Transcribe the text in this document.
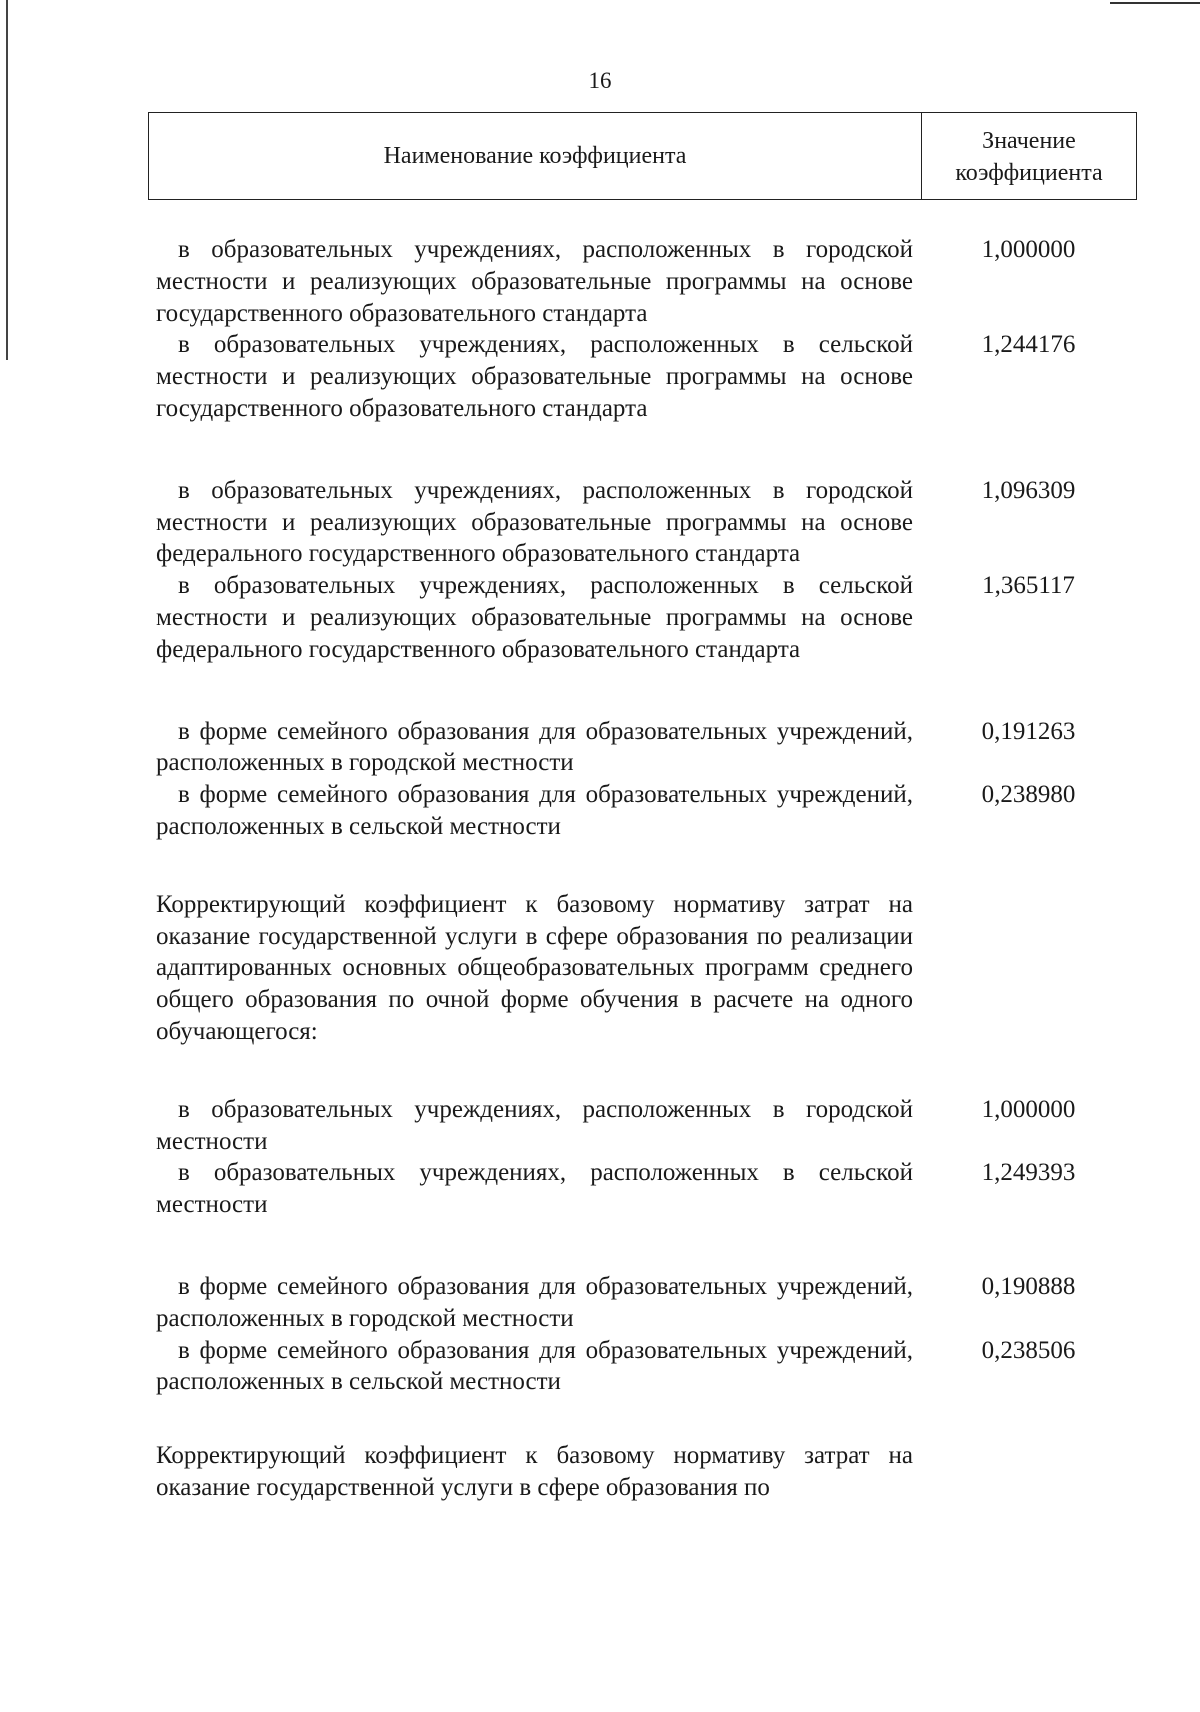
16
Наименование коэффициента
Значение
коэффициента

в образовательных учреждениях, расположенных в городской местности и реализующих образовательные программы на основе государственного образовательного стандарта

1,000000

в образовательных учреждениях, расположенных в сельской местности и реализующих образовательные программы на основе государственного образовательного стандарта

1,244176

в образовательных учреждениях, расположенных в городской местности и реализующих образовательные программы на основе федерального государственного образовательного стандарта

1,096309

в образовательных учреждениях, расположенных в сельской местности и реализующих образовательные программы на основе федерального государственного образовательного стандарта

1,365117

в форме семейного образования для образовательных учреждений, расположенных в городской местности

0,191263

в форме семейного образования для образовательных учреждений, расположенных в сельской местности

0,238980

Корректирующий коэффициент к базовому нормативу затрат на оказание государственной услуги в сфере образования по реализации адаптированных основных общеобразовательных программ среднего общего образования по очной форме обучения в расчете на одного обучающегося:

в образовательных учреждениях, расположенных в городской местности

1,000000

в образовательных учреждениях, расположенных в сельской местности

1,249393

в форме семейного образования для образовательных учреждений, расположенных в городской местности

0,190888

в форме семейного образования для образовательных учреждений, расположенных в сельской местности

0,238506

Корректирующий коэффициент к базовому нормативу затрат на оказание государственной услуги в сфере образования по
